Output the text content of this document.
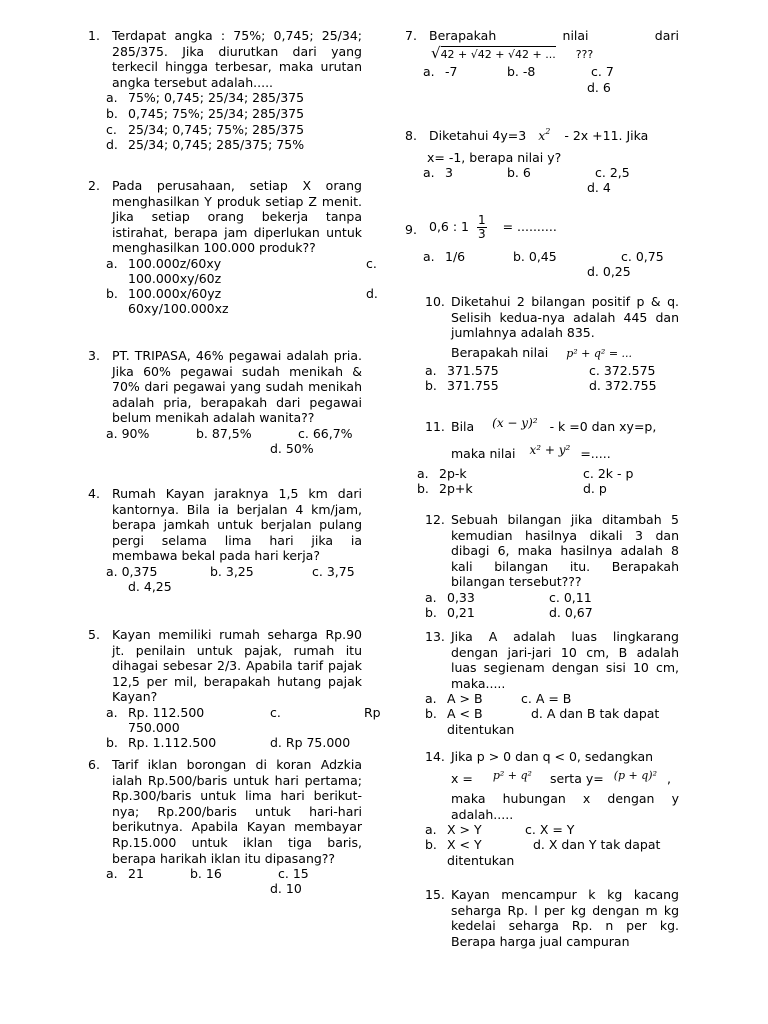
1. Terdapat angka : 75%; 0,745; 25/34; 285/375. Jika diurutkan dari yang terkecil hingga terbesar, maka urutan angka tersebut adalah.....
a. 75%; 0,745; 25/34; 285/375
b. 0,745; 75%; 25/34; 285/375
c. 25/34; 0,745; 75%; 285/375
d. 25/34; 0,745; 285/375; 75%
2. Pada perusahaan, setiap X orang menghasilkan Y produk setiap Z menit. Jika setiap orang bekerja tanpa istirahat, berapa jam diperlukan untuk menghasilkan 100.000 produk??
a. 100.000z/60xy	c.
100.000xy/60z
b. 100.000x/60yz	d.
60xy/100.000xz
3. PT. TRIPASA, 46% pegawai adalah pria. Jika 60% pegawai sudah menikah & 70% dari pegawai yang sudah menikah adalah pria, berapakah dari pegawai belum menikah adalah wanita??
a. 90%	b. 87,5%	c. 66,7%
d. 50%
4. Rumah Kayan jaraknya 1,5 km dari kantornya. Bila ia berjalan 4 km/jam, berapa jamkah untuk berjalan pulang pergi selama lima hari jika ia membawa bekal pada hari kerja?
a. 0,375	b. 3,25	c. 3,75
d. 4,25
5. Kayan memiliki rumah seharga Rp.90 jt. penilain untuk pajak, rumah itu dihagai sebesar 2/3. Apabila tarif pajak 12,5 per mil, berapakah hutang pajak Kayan?
a. Rp. 112.500	c.	Rp
750.000
b. Rp. 1.112.500	d. Rp 75.000
6. Tarif iklan borongan di koran Adzkia ialah Rp.500/baris untuk hari pertama; Rp.300/baris untuk lima hari berikut-nya; Rp.200/baris untuk hari-hari berikutnya. Apabila Kayan membayar Rp.15.000 untuk iklan tiga baris, berapa harikah iklan itu dipasang??
a. 21	b. 16	c. 15
d. 10
7. Berapakah nilai dari
√42 + √42 + √42 + ... ???
a. -7	b. -8	c. 7
d. 6
8. Diketahui 4y=3 $x^2 - 2x +11$. Jika
x= -1, berapa nilai y?
a. 3	b. 6	c. 2,5
d. 4
9. 0,6 : $1 \frac{1}{3}$ = ..........
a. 1/6	b. 0,45	c. 0,75
d. 0,25
10. Diketahui 2 bilangan positif p & q. Selisih kedua-nya adalah 445 dan jumlahnya adalah 835.
Berapakah nilai p² + q² = ...
a. 371.575	c. 372.575
b. 371.755	d. 372.755
11. Bila (x − y)² - k =0 dan xy=p,
maka nilai x² + y² =.....
a. 2p-k	c. 2k - p
b. 2p+k	d. p
12. Sebuah bilangan jika ditambah 5 kemudian hasilnya dikali 3 dan dibagi 6, maka hasilnya adalah 8 kali bilangan itu. Berapakah bilangan tersebut???
a. 0,33	c. 0,11
b. 0,21	d. 0,67
13. Jika A adalah luas lingkarang dengan jari-jari 10 cm, B adalah luas segienam dengan sisi 10 cm, maka.....
a. A > B	c. A = B
b. A < B	d. A dan B tak dapat
ditentukan
14. Jika p > 0 dan q < 0, sedangkan
x = p² + q² serta y= (p + q)² ,
maka hubungan x dengan y adalah.....
a. X > Y	c. X = Y
b. X < Y	d. X dan Y tak dapat
ditentukan
15. Kayan mencampur k kg kacang seharga Rp. l per kg dengan m kg kedelai seharga Rp. n per kg. Berapa harga jual campuran
